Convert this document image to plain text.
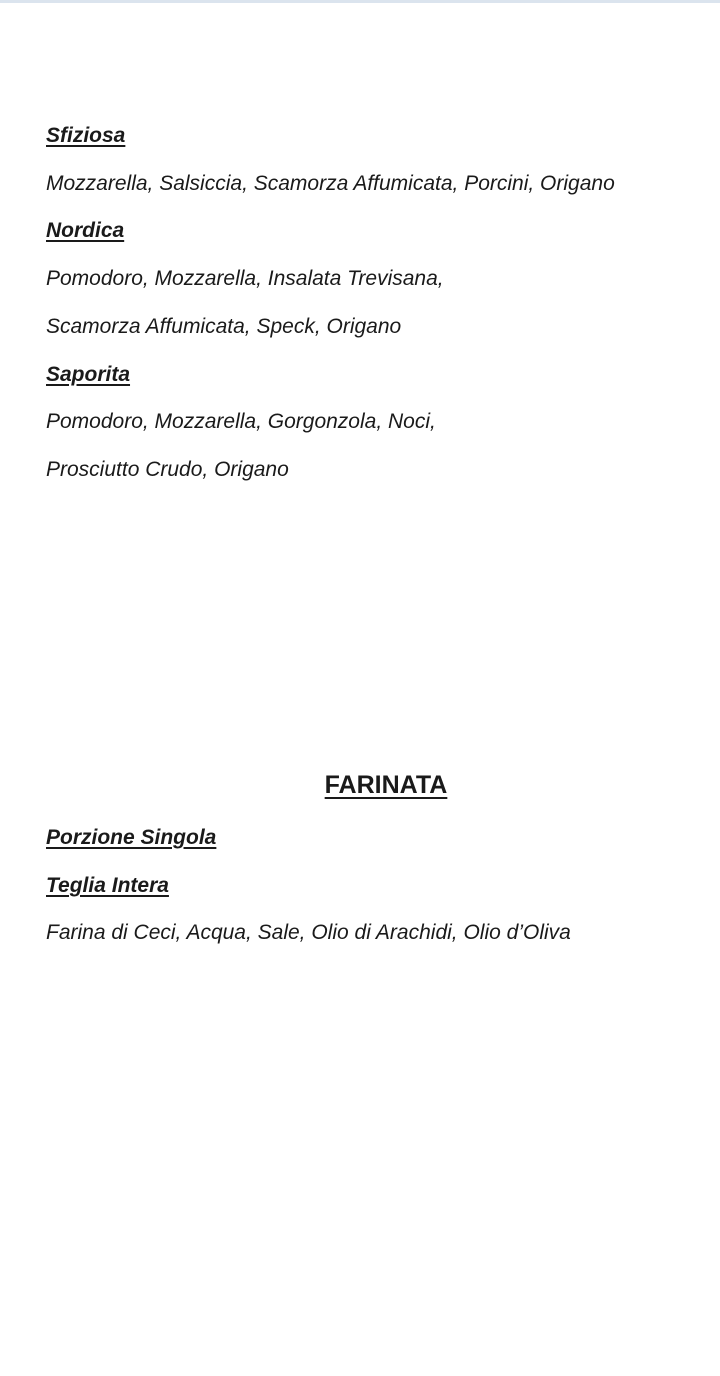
Sfiziosa
Mozzarella, Salsiccia, Scamorza Affumicata, Porcini, Origano
Nordica
Pomodoro, Mozzarella, Insalata Trevisana,
Scamorza Affumicata, Speck, Origano
Saporita
Pomodoro, Mozzarella, Gorgonzola, Noci,
Prosciutto Crudo, Origano
FARINATA
Porzione Singola
Teglia Intera
Farina di Ceci, Acqua, Sale, Olio di Arachidi, Olio d’Oliva
